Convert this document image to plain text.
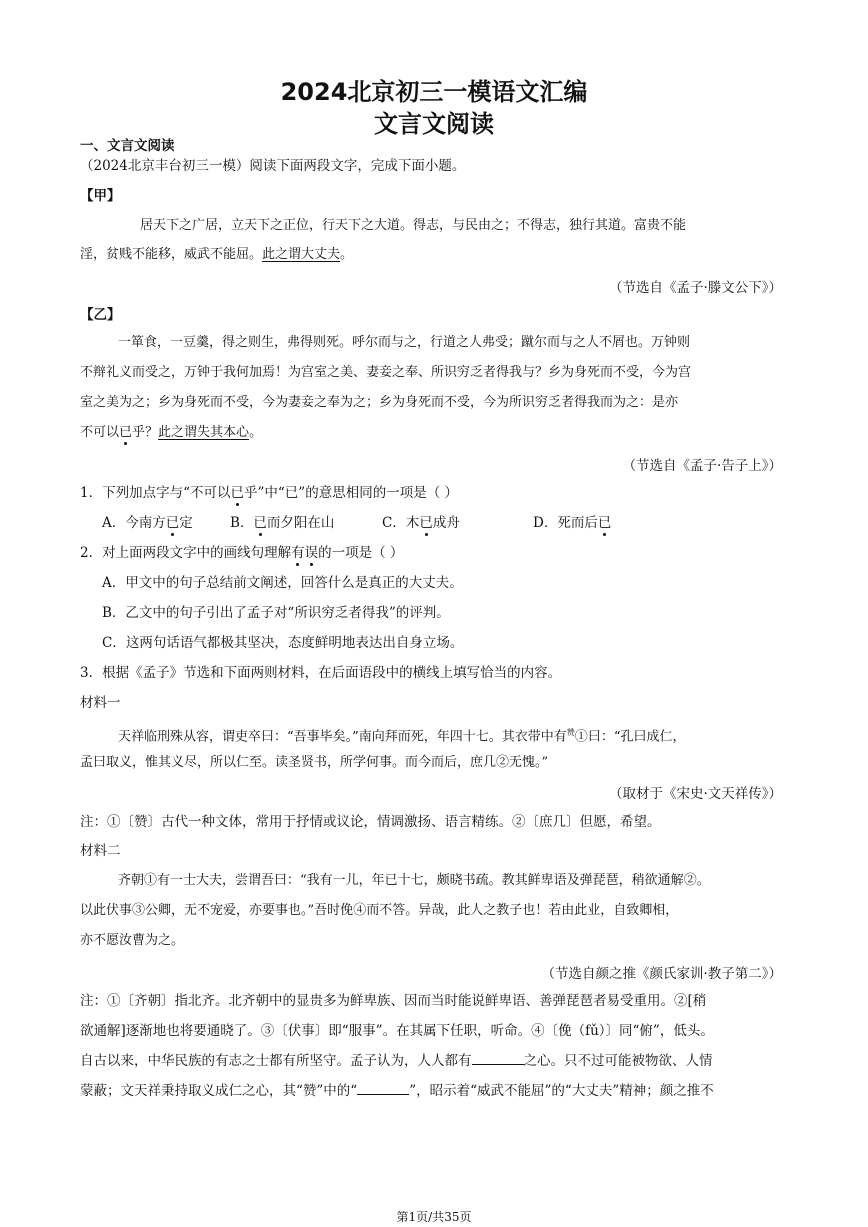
2024北京初三一模语文汇编
文言文阅读
一、文言文阅读
（2024北京丰台初三一模）阅读下面两段文字，完成下面小题。
【甲】
居天下之广居，立天下之正位，行天下之大道。得志，与民由之；不得志，独行其道。富贵不能
淫，贫贱不能移，威武不能屈。此之谓大丈夫。
（节选自《孟子·滕文公下》）
【乙】
一箪食，一豆羹，得之则生，弗得则死。呼尔而与之，行道之人弗受；蹴尔而与之人不屑也。万钟则
不辩礼义而受之，万钟于我何加焉！为宫室之美、妻妾之奉、所识穷乏者得我与？乡为身死而不受，今为宫
室之美为之；乡为身死而不受，今为妻妾之奉为之；乡为身死而不受，今为所识穷乏者得我而为之：是亦
不可以已乎？此之谓失其本心。
（节选自《孟子·告子上》）
1．下列加点字与“不可以已乎”中“已”的意思相同的一项是（ ）
A．今南方已定	B．已而夕阳在山	C．木已成舟	D．死而后已
2．对上面两段文字中的画线句理解有误的一项是（ ）
A．甲文中的句子总结前文阐述，回答什么是真正的大丈夫。
B．乙文中的句子引出了孟子对“所识穷乏者得我”的评判。
C．这两句话语气都极其坚决，态度鲜明地表达出自身立场。
3．根据《孟子》节选和下面两则材料，在后面语段中的横线上填写恰当的内容。
材料一
天祥临刑殊从容，谓吏卒曰：“吾事毕矣。”南向拜而死，年四十七。其衣带中有$^赞$①曰：“孔曰成仁，
孟曰取义，惟其义尽，所以仁至。读圣贤书，所学何事。而今而后，庶几②无愧。”
（取材于《宋史·文天祥传》）
注：①〔赞〕古代一种文体，常用于抒情或议论，情调激扬、语言精练。②〔庶几〕但愿，希望。
材料二
齐朝①有一士大夫，尝谓吾曰：“我有一儿，年已十七，颇晓书疏。教其鲜卑语及弹琵琶，稍欲通解②。
以此伏事③公卿，无不宠爱，亦要事也。”吾时俛④而不答。异哉，此人之教子也！若由此业，自致卿相，
亦不愿汝曹为之。
（节选自颜之推《颜氏家训·教子第二》）
注：①〔齐朝〕指北齐。北齐朝中的显贵多为鲜卑族、因而当时能说鲜卑语、善弹琵琶者易受重用。②[稍
欲通解]逐渐地也将要通晓了。③〔伏事〕即“服事”。在其属下任职，听命。④〔俛（fǔ）〕同“俯”，低头。
自古以来，中华民族的有志之士都有所坚守。孟子认为，人人都有	之心。只不过可能被物欲、人情
蒙蔽；文天祥秉持取义成仁之心，其“赞”中的“	”，昭示着“威武不能屈”的“大丈夫”精神；颜之推不
第1页/共35页
